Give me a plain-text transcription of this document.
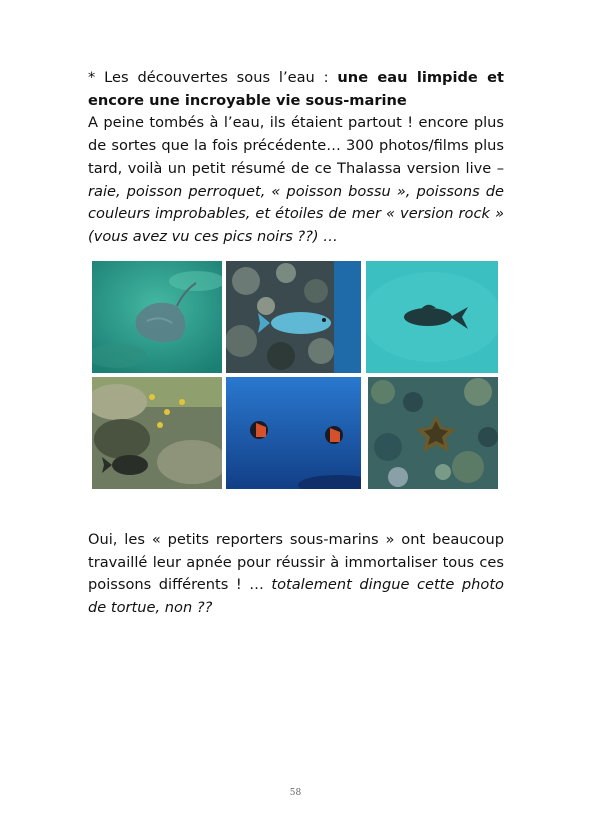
* Les découvertes sous l’eau : une eau limpide et encore une incroyable vie sous-marine
A peine tombés à l’eau, ils étaient partout ! encore plus de sortes que la fois précédente… 300 photos/films plus tard, voilà un petit résumé de ce Thalassa version live – raie, poisson perroquet, « poisson bossu », poissons de couleurs improbables, et étoiles de mer « version rock » (vous avez vu ces pics noirs ??) …
Oui, les « petits reporters sous-marins » ont beaucoup travaillé leur apnée pour réussir à immortaliser tous ces poissons différents ! … totalement dingue cette photo de tortue, non ??
58
